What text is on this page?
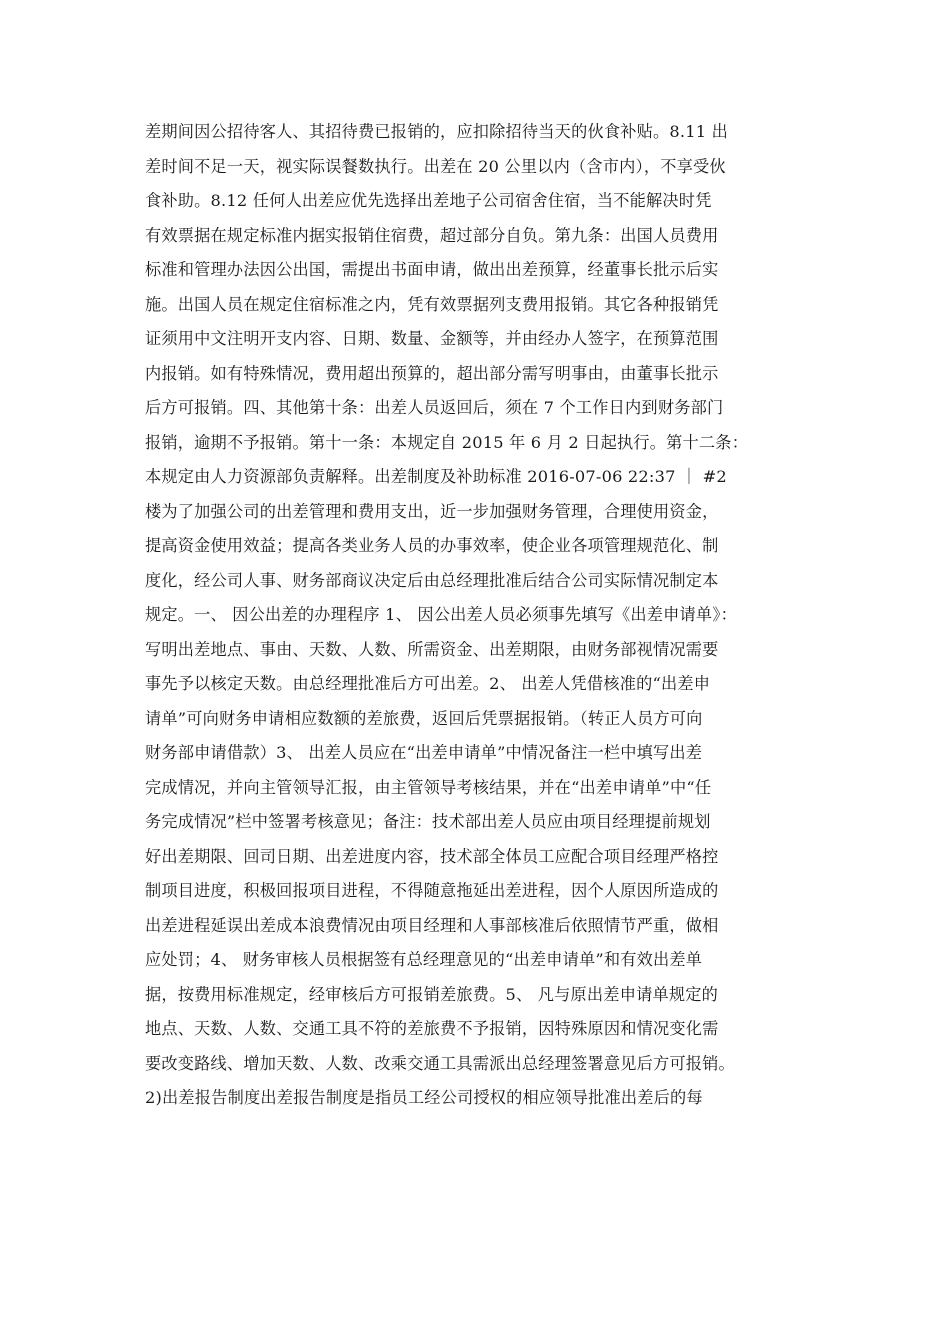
差期间因公招待客人、其招待费已报销的，应扣除招待当天的伙食补贴。8.11 出
差时间不足一天，视实际误餐数执行。出差在 20 公里以内（含市内），不享受伙
食补助。8.12 任何人出差应优先选择出差地子公司宿舍住宿，当不能解决时凭
有效票据在规定标准内据实报销住宿费，超过部分自负。第九条：出国人员费用
标准和管理办法因公出国，需提出书面申请，做出出差预算，经董事长批示后实
施。出国人员在规定住宿标准之内，凭有效票据列支费用报销。其它各种报销凭
证须用中文注明开支内容、日期、数量、金额等，并由经办人签字，在预算范围
内报销。如有特殊情况，费用超出预算的，超出部分需写明事由，由董事长批示
后方可报销。四、其他第十条：出差人员返回后，须在 7 个工作日内到财务部门
报销，逾期不予报销。第十一条：本规定自 2015 年 6 月 2 日起执行。第十二条：
本规定由人力资源部负责解释。出差制度及补助标准 2016-07-06 22:37 ｜ #2
楼为了加强公司的出差管理和费用支出，近一步加强财务管理，合理使用资金，
提高资金使用效益；提高各类业务人员的办事效率，使企业各项管理规范化、制
度化，经公司人事、财务部商议决定后由总经理批准后结合公司实际情况制定本
规定。一、 因公出差的办理程序 1、 因公出差人员必须事先填写《出差申请单》：
写明出差地点、事由、天数、人数、所需资金、出差期限，由财务部视情况需要
事先予以核定天数。由总经理批准后方可出差。2、 出差人凭借核准的“出差申
请单”可向财务申请相应数额的差旅费，返回后凭票据报销。（转正人员方可向
财务部申请借款）3、 出差人员应在“出差申请单”中情况备注一栏中填写出差
完成情况，并向主管领导汇报，由主管领导考核结果，并在“出差申请单”中“任
务完成情况”栏中签署考核意见；备注：技术部出差人员应由项目经理提前规划
好出差期限、回司日期、出差进度内容，技术部全体员工应配合项目经理严格控
制项目进度，积极回报项目进程，不得随意拖延出差进程，因个人原因所造成的
出差进程延误出差成本浪费情况由项目经理和人事部核准后依照情节严重，做相
应处罚；4、 财务审核人员根据签有总经理意见的“出差申请单”和有效出差单
据，按费用标准规定，经审核后方可报销差旅费。5、 凡与原出差申请单规定的
地点、天数、人数、交通工具不符的差旅费不予报销，因特殊原因和情况变化需
要改变路线、增加天数、人数、改乘交通工具需派出总经理签署意见后方可报销。
2)出差报告制度出差报告制度是指员工经公司授权的相应领导批准出差后的每
